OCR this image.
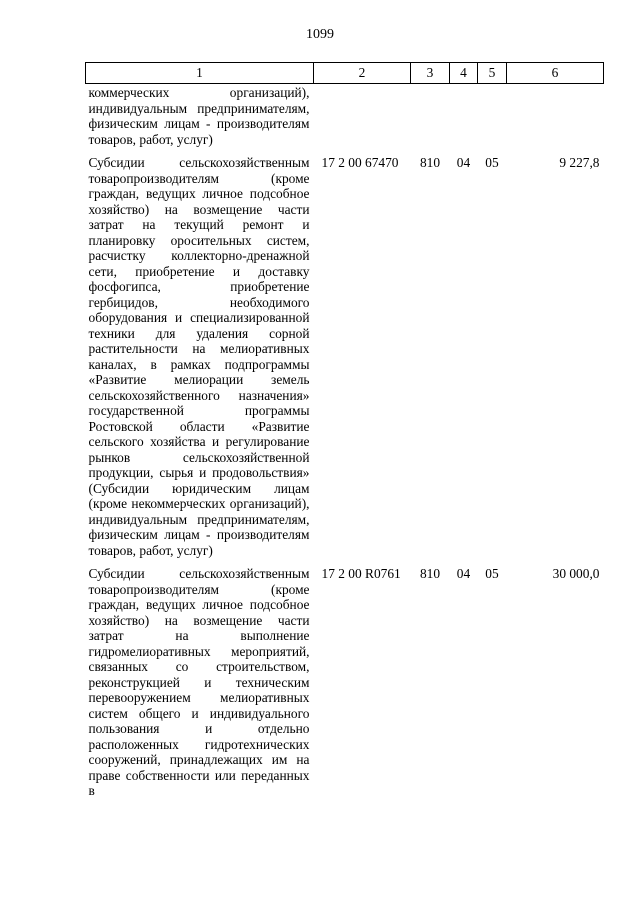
1099
1	2	3	4	5	6
коммерческих организаций), индивидуальным предпринимателям, физическим лицам - производителям товаров, работ, услуг)					
Субсидии сельскохозяйственным товаропроизводителям (кроме граждан, ведущих личное подсобное хозяйство) на возмещение части затрат на текущий ремонт и планировку оросительных систем, расчистку коллекторно-дренажной сети, приобретение и доставку фосфогипса, приобретение гербицидов, необходимого оборудования и специализированной техники для удаления сорной растительности на мелиоративных каналах, в рамках подпрограммы «Развитие мелиорации земель сельскохозяйственного назначения» государственной программы Ростовской области «Развитие сельского хозяйства и регулирование рынков сельскохозяйственной продукции, сырья и продовольствия» (Субсидии юридическим лицам (кроме некоммерческих организаций), индивидуальным предпринимателям, физическим лицам - производителям товаров, работ, услуг)	17 2 00 67470	810	04	05	9 227,8
Субсидии сельскохозяйственным товаропроизводителям (кроме граждан, ведущих личное подсобное хозяйство) на возмещение части затрат на выполнение гидромелиоративных мероприятий, связанных со строительством, реконструкцией и техническим перевооружением мелиоративных систем общего и индивидуального пользования и отдельно расположенных гидротехнических сооружений, принадлежащих им на праве собственности или переданных в	17 2 00 R0761	810	04	05	30 000,0
